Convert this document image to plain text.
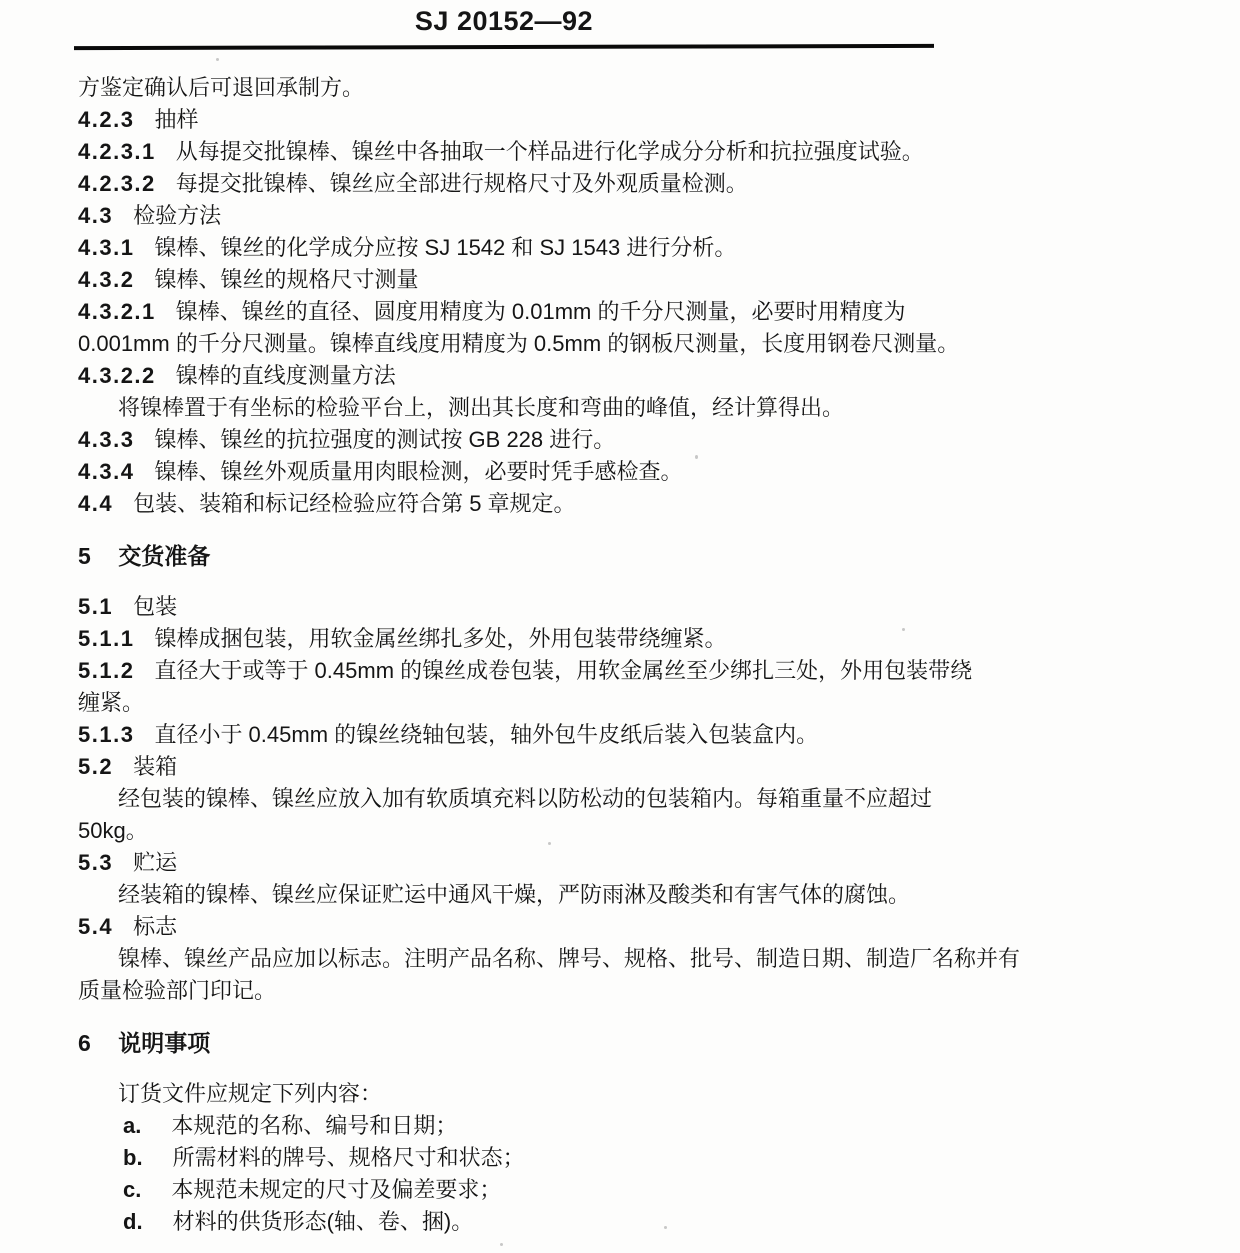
SJ 20152—92
方鉴定确认后可退回承制方。
4.2.3 抽样
4.2.3.1 从每提交批镍棒、镍丝中各抽取一个样品进行化学成分分析和抗拉强度试验。
4.2.3.2 每提交批镍棒、镍丝应全部进行规格尺寸及外观质量检测。
4.3 检验方法
4.3.1 镍棒、镍丝的化学成分应按 SJ 1542 和 SJ 1543 进行分析。
4.3.2 镍棒、镍丝的规格尺寸测量
4.3.2.1 镍棒、镍丝的直径、圆度用精度为 0.01mm 的千分尺测量，必要时用精度为
0.001mm 的千分尺测量。镍棒直线度用精度为 0.5mm 的钢板尺测量，长度用钢卷尺测量。
4.3.2.2 镍棒的直线度测量方法
将镍棒置于有坐标的检验平台上，测出其长度和弯曲的峰值，经计算得出。
4.3.3 镍棒、镍丝的抗拉强度的测试按 GB 228 进行。
4.3.4 镍棒、镍丝外观质量用肉眼检测，必要时凭手感检查。
4.4 包装、装箱和标记经检验应符合第 5 章规定。
5 交货准备
5.1 包装
5.1.1 镍棒成捆包装，用软金属丝绑扎多处，外用包装带绕缠紧。
5.1.2 直径大于或等于 0.45mm 的镍丝成卷包装，用软金属丝至少绑扎三处，外用包装带绕
缠紧。
5.1.3 直径小于 0.45mm 的镍丝绕轴包装，轴外包牛皮纸后装入包装盒内。
5.2 装箱
经包装的镍棒、镍丝应放入加有软质填充料以防松动的包装箱内。每箱重量不应超过
50kg。
5.3 贮运
经装箱的镍棒、镍丝应保证贮运中通风干燥，严防雨淋及酸类和有害气体的腐蚀。
5.4 标志
镍棒、镍丝产品应加以标志。注明产品名称、牌号、规格、批号、制造日期、制造厂名称并有
质量检验部门印记。
6 说明事项
订货文件应规定下列内容：
a. 本规范的名称、编号和日期；
b. 所需材料的牌号、规格尺寸和状态；
c. 本规范未规定的尺寸及偏差要求；
d. 材料的供货形态(轴、卷、捆)。
